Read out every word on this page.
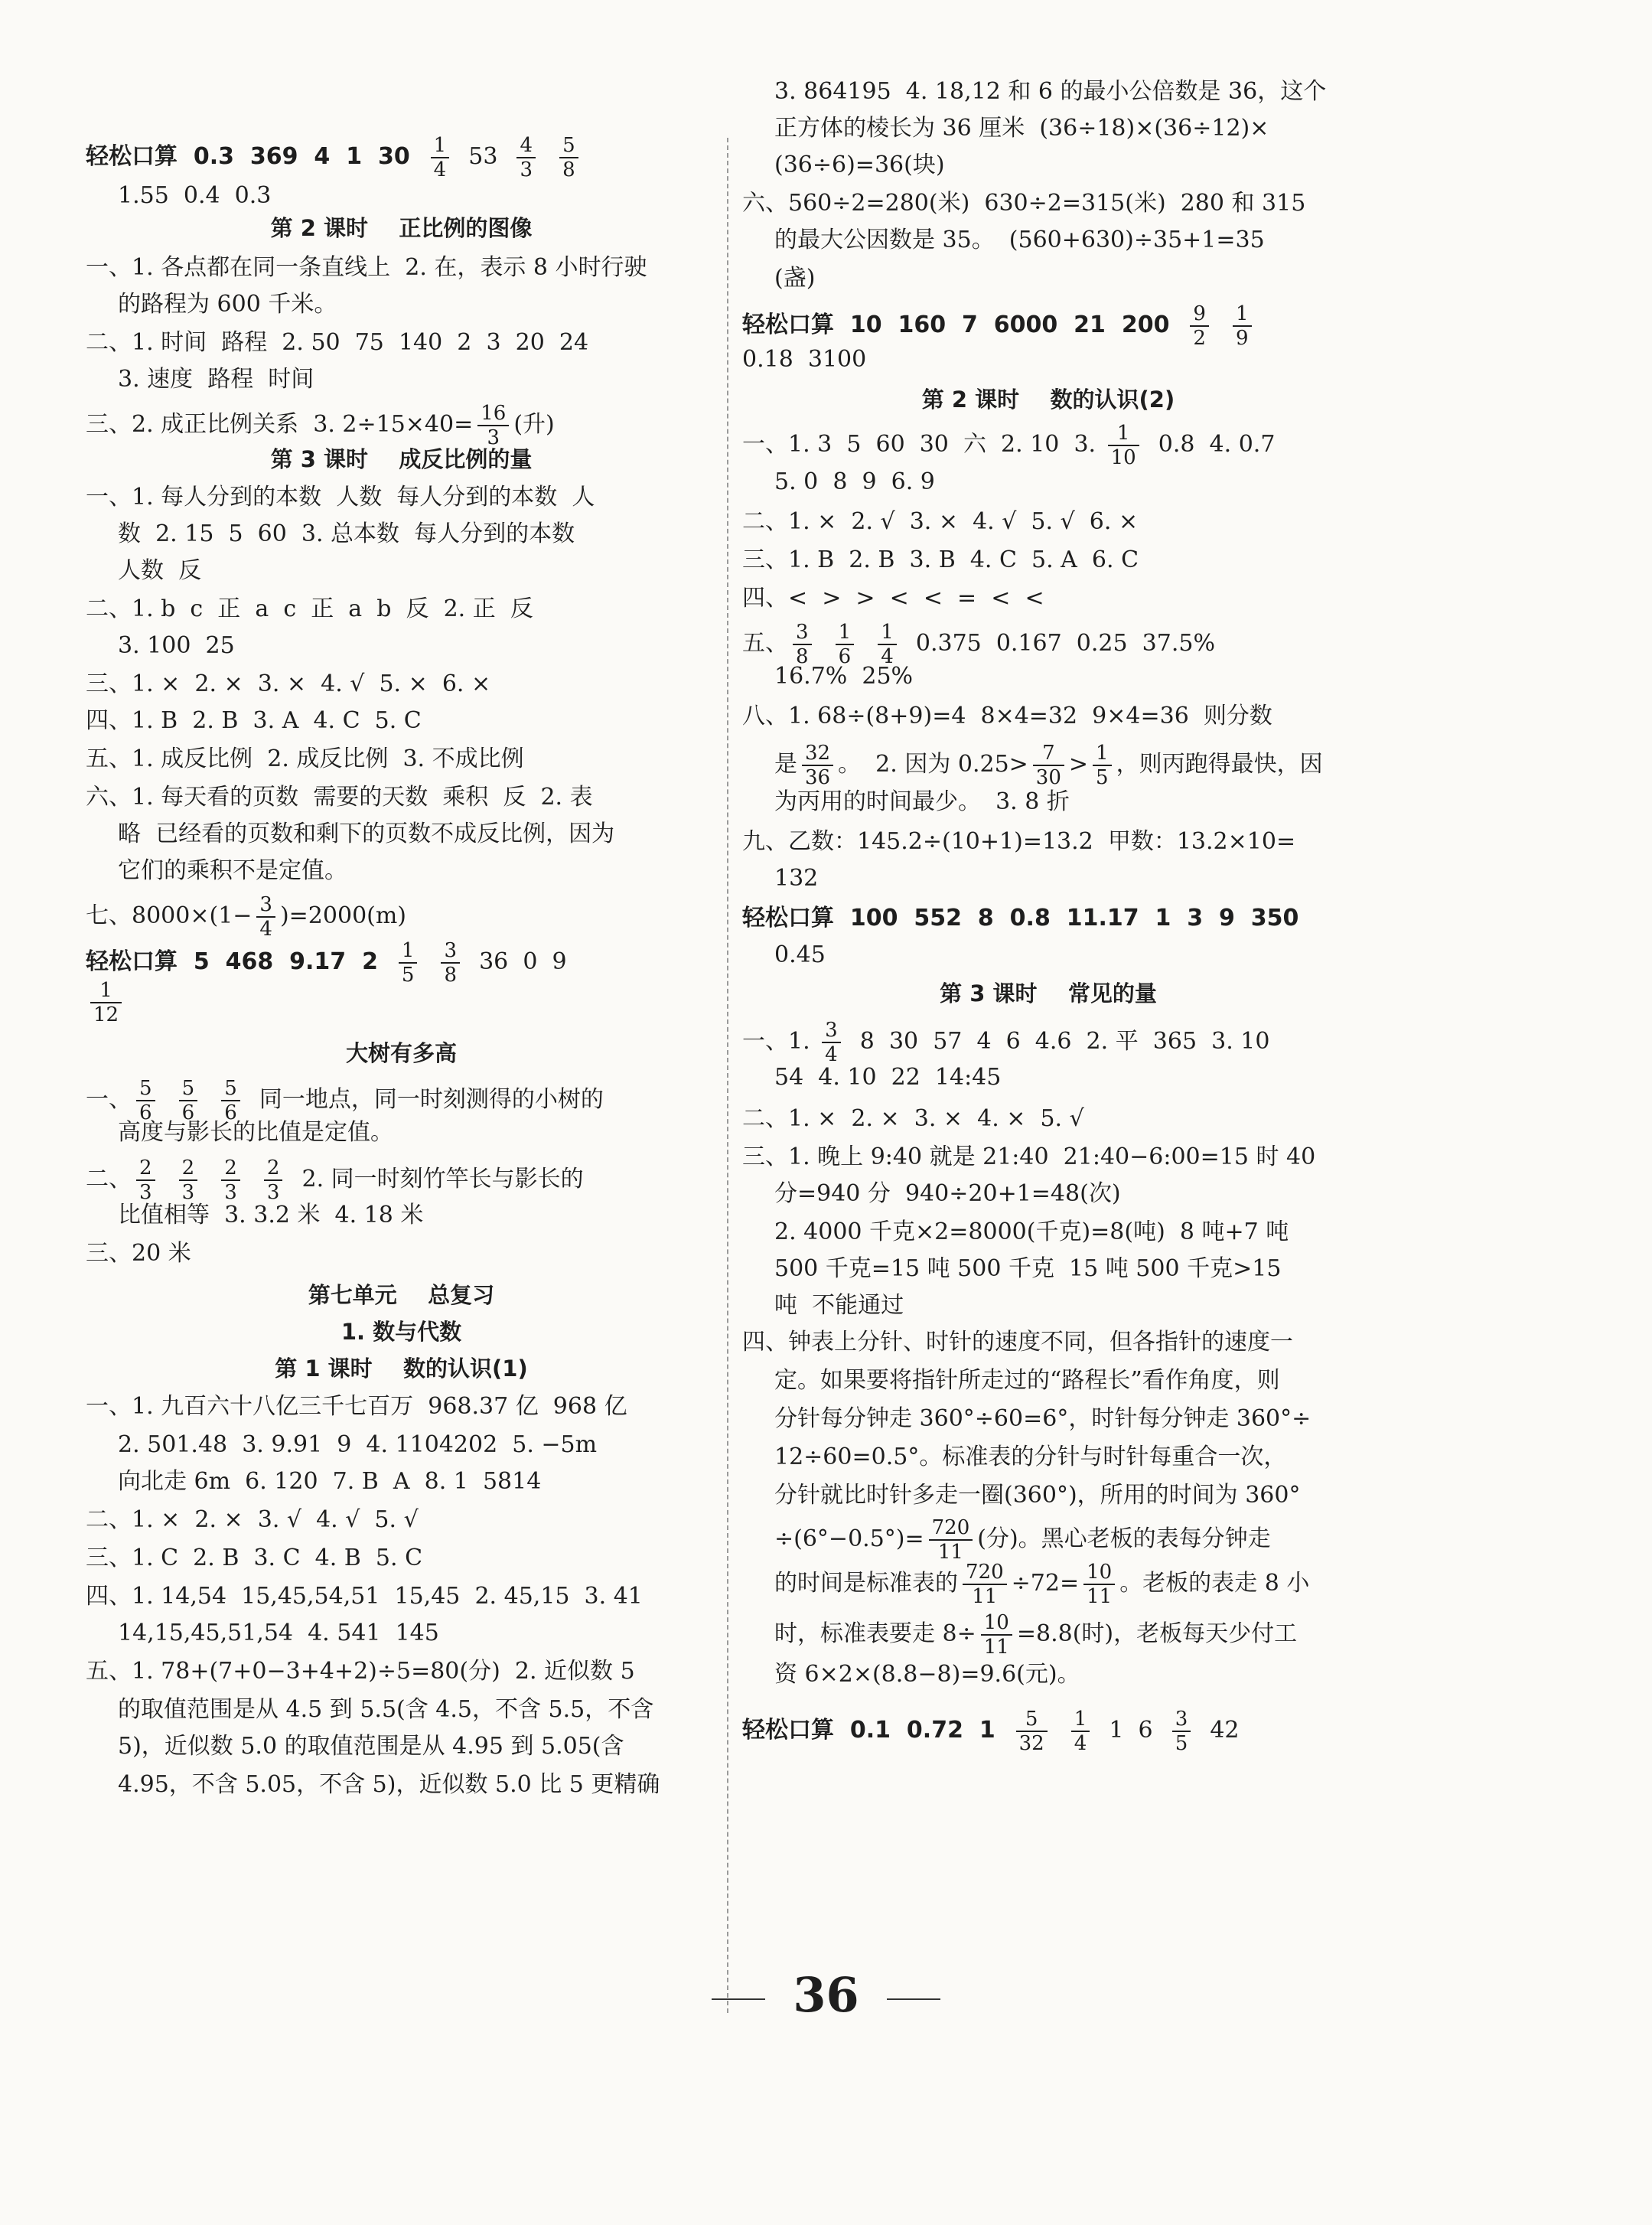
轻松口算  0.3  369  4  1  $30 \frac{1}{4} 53 \frac{4}{3}$
$\frac{5}{8}$
1.55  0.4  0.3
第 2 课时    正比例的图像
一、1. 各点都在同一条直线上  2. 在，表示 8 小时行驶
的路程为 600 千米。
二、1. 时间  路程  2. 50  75  140  2  3  20  24
3. 速度  路程  时间
三、2. 成正比例关系  3. $2\div 15\times 40= \frac{16}{3}$ (升)
第 3 课时    成反比例的量
一、1. 每人分到的本数  人数  每人分到的本数  人
数  2. 15  5  60  3. 总本数  每人分到的本数
人数  反
二、1. b  c  正  a  c  正  a  b  反  2. 正  反
3. 100  25
三、1. ×  2. ×  3. ×  4. √  5. ×  6. ×
四、1. B  2. B  3. A  4. C  5. C
五、1. 成反比例  2. 成反比例  3. 不成比例
六、1. 每天看的页数  需要的天数  乘积  反  2. 表
略  已经看的页数和剩下的页数不成反比例，因为
它们的乘积不是定值。
七、$8000\times(1- \frac{3}{4} )=2000(m)$
轻松口算  5  468  9.17  $2 \frac{1}{5}$
$\frac{3}{8} 36$  0  9
$\frac{1}{12}$
大树有多高
一、 $\frac{5}{6}$
$\frac{5}{6}$
$\frac{5}{6}$ 同一地点，同一时刻测得的小树的
高度与影长的比值是定值。
二、 $\frac{2}{3}$
$\frac{2}{3}$
$\frac{2}{3}$
$\frac{2}{3} 2$. 同一时刻竹竿长与影长的
比值相等  3. 3.2 米  4. 18 米
三、20 米
第七单元    总复习
1. 数与代数
第 1 课时    数的认识(1)
一、1. 九百六十八亿三千七百万  968.37 亿  968 亿
2. 501.48  3. 9.91  9  4. 1104202  5. −5m
向北走 6m  6. 120  7. B  A  8. 1  5814
二、1. ×  2. ×  3. √  4. √  5. √
三、1. C  2. B  3. C  4. B  5. C
四、1. 14,54  15,45,54,51  15,45  2. 45,15  3. 41
14,15,45,51,54  4. 541  145
五、1. 78+(7+0−3+4+2)÷5=80(分)  2. 近似数 5
的取值范围是从 4.5 到 5.5(含 4.5，不含 5.5，不含
5)，近似数 5.0 的取值范围是从 4.95 到 5.05(含
4.95，不含 5.05，不含 5)，近似数 5.0 比 5 更精确
3. 864195  4. 18,12 和 6 的最小公倍数是 36，这个
正方体的棱长为 36 厘米  (36÷18)×(36÷12)×
(36÷6)=36(块)
六、560÷2=280(米)  630÷2=315(米)  280 和 315
的最大公因数是 35。  (560+630)÷35+1=35
(盏)
轻松口算  10  160  7  6000  21  $200 \frac{9}{2}$
$\frac{1}{9}$
0.18  3100
第 2 课时    数的认识(2)
一、1. 3  5  60  30  六  2. 10  3. $\frac{1}{10} 0.8$  4. 0.7
5. 0  8  9  6. 9
二、1. ×  2. √  3. ×  4. √  5. √  6. ×
三、1. B  2. B  3. B  4. C  5. A  6. C
四、<  >  >  <  <  =  <  <
五、 $\frac{3}{8}$
$\frac{1}{6}$
$\frac{1}{4} 0.375$  0.167  0.25  37.5%
16.7%  25%
八、1. 68÷(8+9)=4  8×4=32  9×4=36  则分数
是 $\frac{32}{36}$ 。  2. 因为 $0.25> \frac{7}{30} > \frac{1}{5}$ ，则丙跑得最快，因
为丙用的时间最少。  3. 8 折
九、乙数：145.2÷(10+1)=13.2  甲数：13.2×10=
132
轻松口算  100  552  8  0.8  11.17  1  3  9  350
0.45
第 3 课时    常见的量
一、1. $\frac{3}{4} 8$  30  57  4  6  4.6  2. 平  365  3. 10
54  4. 10  22  14:45
二、1. ×  2. ×  3. ×  4. ×  5. √
三、1. 晚上 9:40 就是 21:40  21:40−6:00=15 时 40
分=940 分  940÷20+1=48(次)
2. 4000 千克×2=8000(千克)=8(吨)  8 吨+7 吨
500 千克=15 吨 500 千克  15 吨 500 千克>15
吨  不能通过
四、钟表上分针、时针的速度不同，但各指针的速度一
定。如果要将指针所走过的“路程长”看作角度，则
分针每分钟走 360°÷60=6°，时针每分钟走 360°÷
12÷60=0.5°。标准表的分针与时针每重合一次，
分针就比时针多走一圈(360°)，所用的时间为 360°
$\div(6^\circ-0.5^\circ)= \frac{720}{11}$ (分)。黑心老板的表每分钟走
的时间是标准表的 $\frac{720}{11} \div 72= \frac{10}{11}$ 。老板的表走 8 小
时，标准表要走 $8\div \frac{10}{11} =8.8$(时)，老板每天少付工
资 6×2×(8.8−8)=9.6(元)。
轻松口算  0.1  0.72  $1 \frac{5}{32}$
$\frac{1}{4} 1$  $6 \frac{3}{5} 42$
36
